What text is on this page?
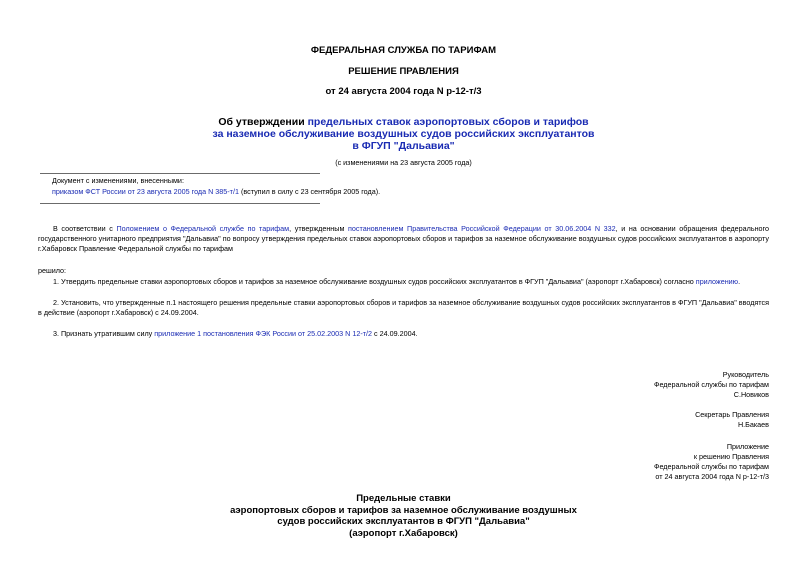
ФЕДЕРАЛЬНАЯ СЛУЖБА ПО ТАРИФАМ
РЕШЕНИЕ ПРАВЛЕНИЯ
от 24 августа 2004 года N р-12-т/3
Об утверждении предельных ставок аэропортовых сборов и тарифов
за наземное обслуживание воздушных судов российских эксплуатантов
в ФГУП "Дальавиа"
(с изменениями на 23 августа 2005 года)
Документ с изменениями, внесенными:
приказом ФСТ России от 23 августа 2005 года N 385-т/1 (вступил в силу с 23 сентября 2005 года).
В соответствии с Положением о Федеральной службе по тарифам, утвержденным постановлением Правительства Российской Федерации от 30.06.2004 N 332, и на основании обращения федерального государственного унитарного предприятия "Дальавиа" по вопросу утверждения предельных ставок аэропортовых сборов и тарифов за наземное обслуживание воздушных судов российских эксплуатантов в аэропорту г.Хабаровск Правление Федеральной службы по тарифам
решило:
1. Утвердить предельные ставки аэропортовых сборов и тарифов за наземное обслуживание воздушных судов российских эксплуатантов в ФГУП "Дальавиа" (аэропорт г.Хабаровск) согласно приложению.
2. Установить, что утвержденные п.1 настоящего решения предельные ставки аэропортовых сборов и тарифов за наземное обслуживание воздушных судов российских эксплуатантов в ФГУП "Дальавиа" вводятся в действие (аэропорт г.Хабаровск) с 24.09.2004.
3. Признать утратившим силу приложение 1 постановления ФЭК России от 25.02.2003 N 12-т/2 с 24.09.2004.
Руководитель
Федеральной службы по тарифам
С.Новиков
Секретарь Правления
Н.Бакаев
Приложение
к решению Правления
Федеральной службы по тарифам
от 24 августа 2004 года N р-12-т/3
Предельные ставки
аэропортовых сборов и тарифов за наземное обслуживание воздушных
судов российских эксплуатантов в ФГУП "Дальавиа"
(аэропорт г.Хабаровск)
